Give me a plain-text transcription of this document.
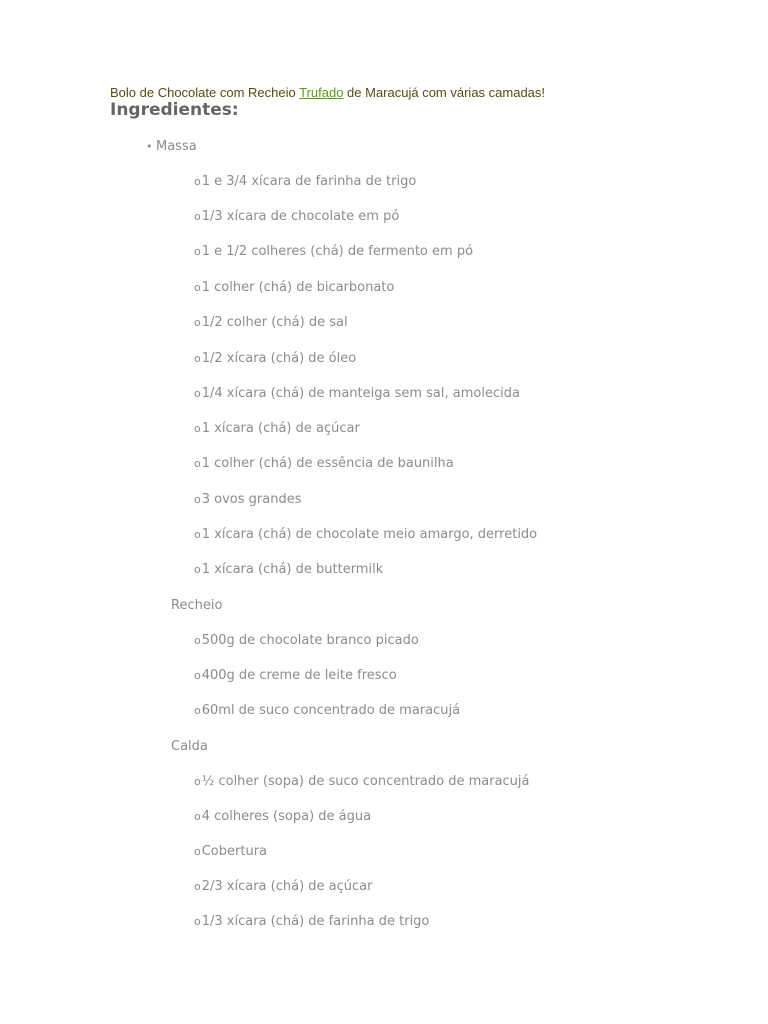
Bolo de Chocolate com Recheio Trufado de Maracujá com várias camadas!
Ingredientes:
• Massa
o1 e 3/4 xícara de farinha de trigo
o1/3 xícara de chocolate em pó
o1 e 1/2 colheres (chá) de fermento em pó
o1 colher (chá) de bicarbonato
o1/2 colher (chá) de sal
o1/2 xícara (chá) de óleo
o1/4 xícara (chá) de manteiga sem sal, amolecida
o1 xícara (chá) de açúcar
o1 colher (chá) de essência de baunilha
o3 ovos grandes
o1 xícara (chá) de chocolate meio amargo, derretido
o1 xícara (chá) de buttermilk
Recheio
o500g de chocolate branco picado
o400g de creme de leite fresco
o60ml de suco concentrado de maracujá
Calda
o½ colher (sopa) de suco concentrado de maracujá
o4 colheres (sopa) de água
oCobertura
o2/3 xícara (chá) de açúcar
o1/3 xícara (chá) de farinha de trigo
